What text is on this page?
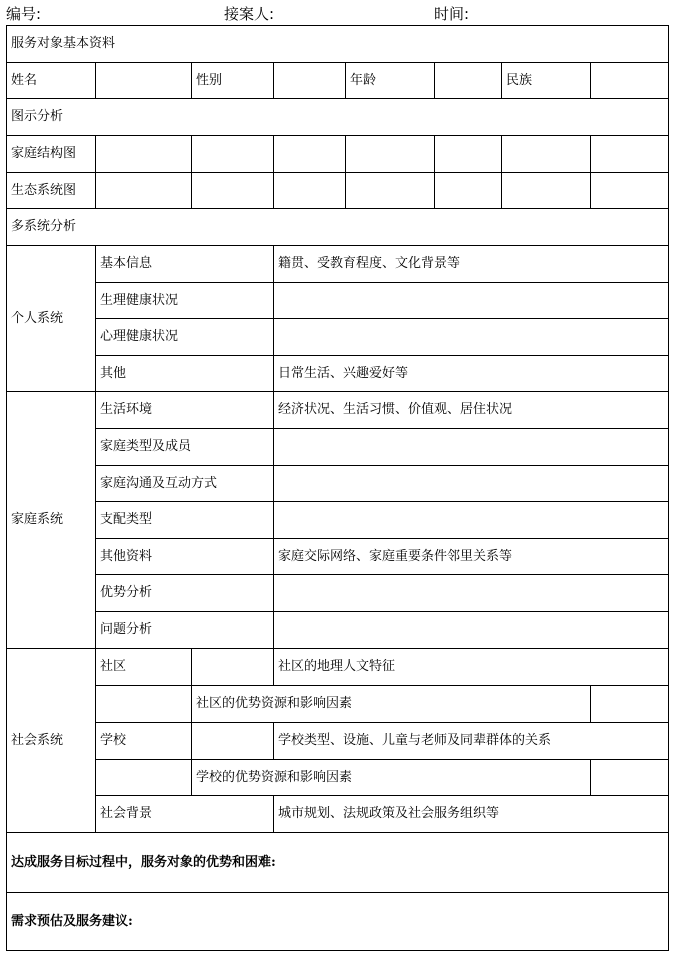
编号:	接案人:	时间:
服务对象基本资料							
姓名		性别		年龄		民族	
图示分析							
家庭结构图							
生态系统图							
多系统分析							
个人系统	基本信息		籍贯、受教育程度、文化背景等				
	生理健康状况						
	心理健康状况						
	其他		日常生活、兴趣爱好等				
家庭系统	生活环境		经济状况、生活习惯、价值观、居住状况				
	家庭类型及成员						
	家庭沟通及互动方式						
	支配类型						
	其他资料		家庭交际网络、家庭重要条件邻里关系等				
	优势分析						
	问题分析						
社会系统	社区		社区的地理人文特征				
		社区的优势资源和影响因素					
	学校		学校类型、设施、儿童与老师及同辈群体的关系				
		学校的优势资源和影响因素					
	社会背景		城市规划、法规政策及社会服务组织等				
达成服务目标过程中，服务对象的优势和困难:							
需求预估及服务建议:							
